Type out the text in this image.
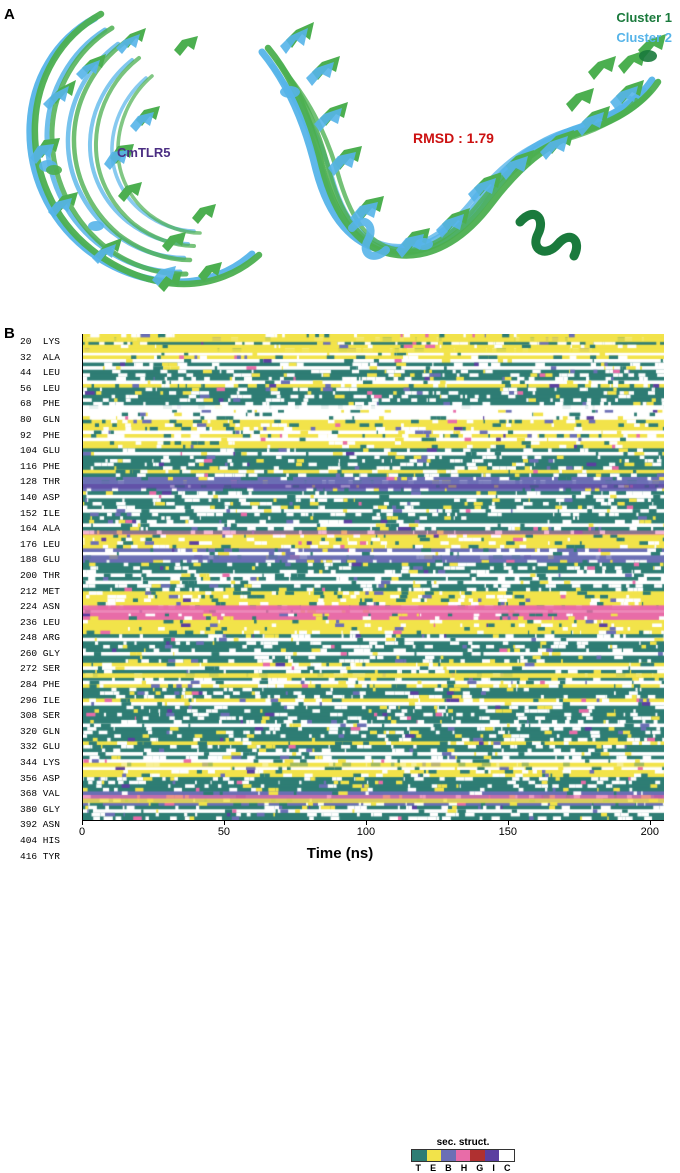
A	Cluster 1
Cluster 2
CmTLR5
RMSD : 1.79
B 20  LYS
32  ALA
44  LEU
56  LEU
68  PHE
80  GLN
92  PHE
104 GLU
116 PHE
128 THR
140 ASP
152 ILE
164 ALA
176 LEU
188 GLU
200 THR
212 MET
224 ASN
236 LEU
248 ARG
260 GLY
272 SER
284 PHE
296 ILE
308 SER
320 GLN
332 GLU
344 LYS
356 ASP
368 VAL
380 GLY
392 ASN
404 HIS
416 TYR
0	50	100	150	200
sec. struct.
T	E	B	H	G	I	C
Time (ns)
